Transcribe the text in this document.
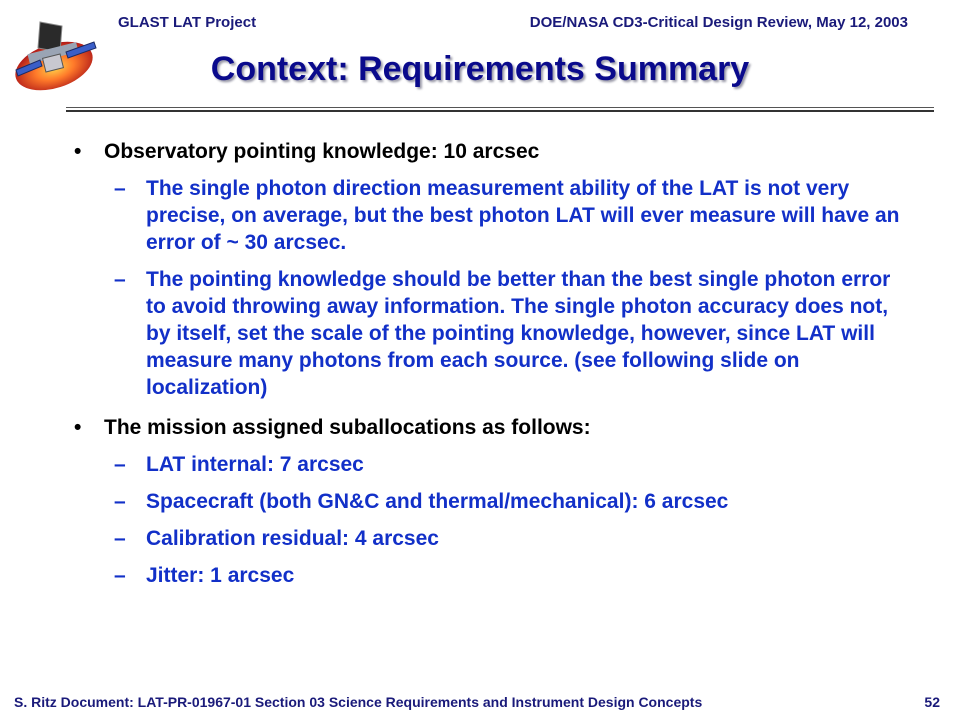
GLAST LAT Project	DOE/NASA CD3-Critical Design Review, May 12, 2003
Context: Requirements Summary
•	Observatory pointing knowledge: 10 arcsec
– The single photon direction measurement ability of the LAT is not very precise, on average, but the best photon LAT will ever measure will have an error of ~ 30 arcsec.
– The pointing knowledge should be better than the best single photon error to avoid throwing away information. The single photon accuracy does not, by itself, set the scale of the pointing knowledge, however, since LAT will measure many photons from each source. (see following slide on localization)
•	The mission assigned suballocations as follows:
– LAT internal: 7 arcsec
– Spacecraft (both GN&C and thermal/mechanical): 6 arcsec
– Calibration residual: 4 arcsec
– Jitter: 1 arcsec
S. Ritz Document: LAT-PR-01967-01 Section 03 Science Requirements and Instrument Design Concepts	52
